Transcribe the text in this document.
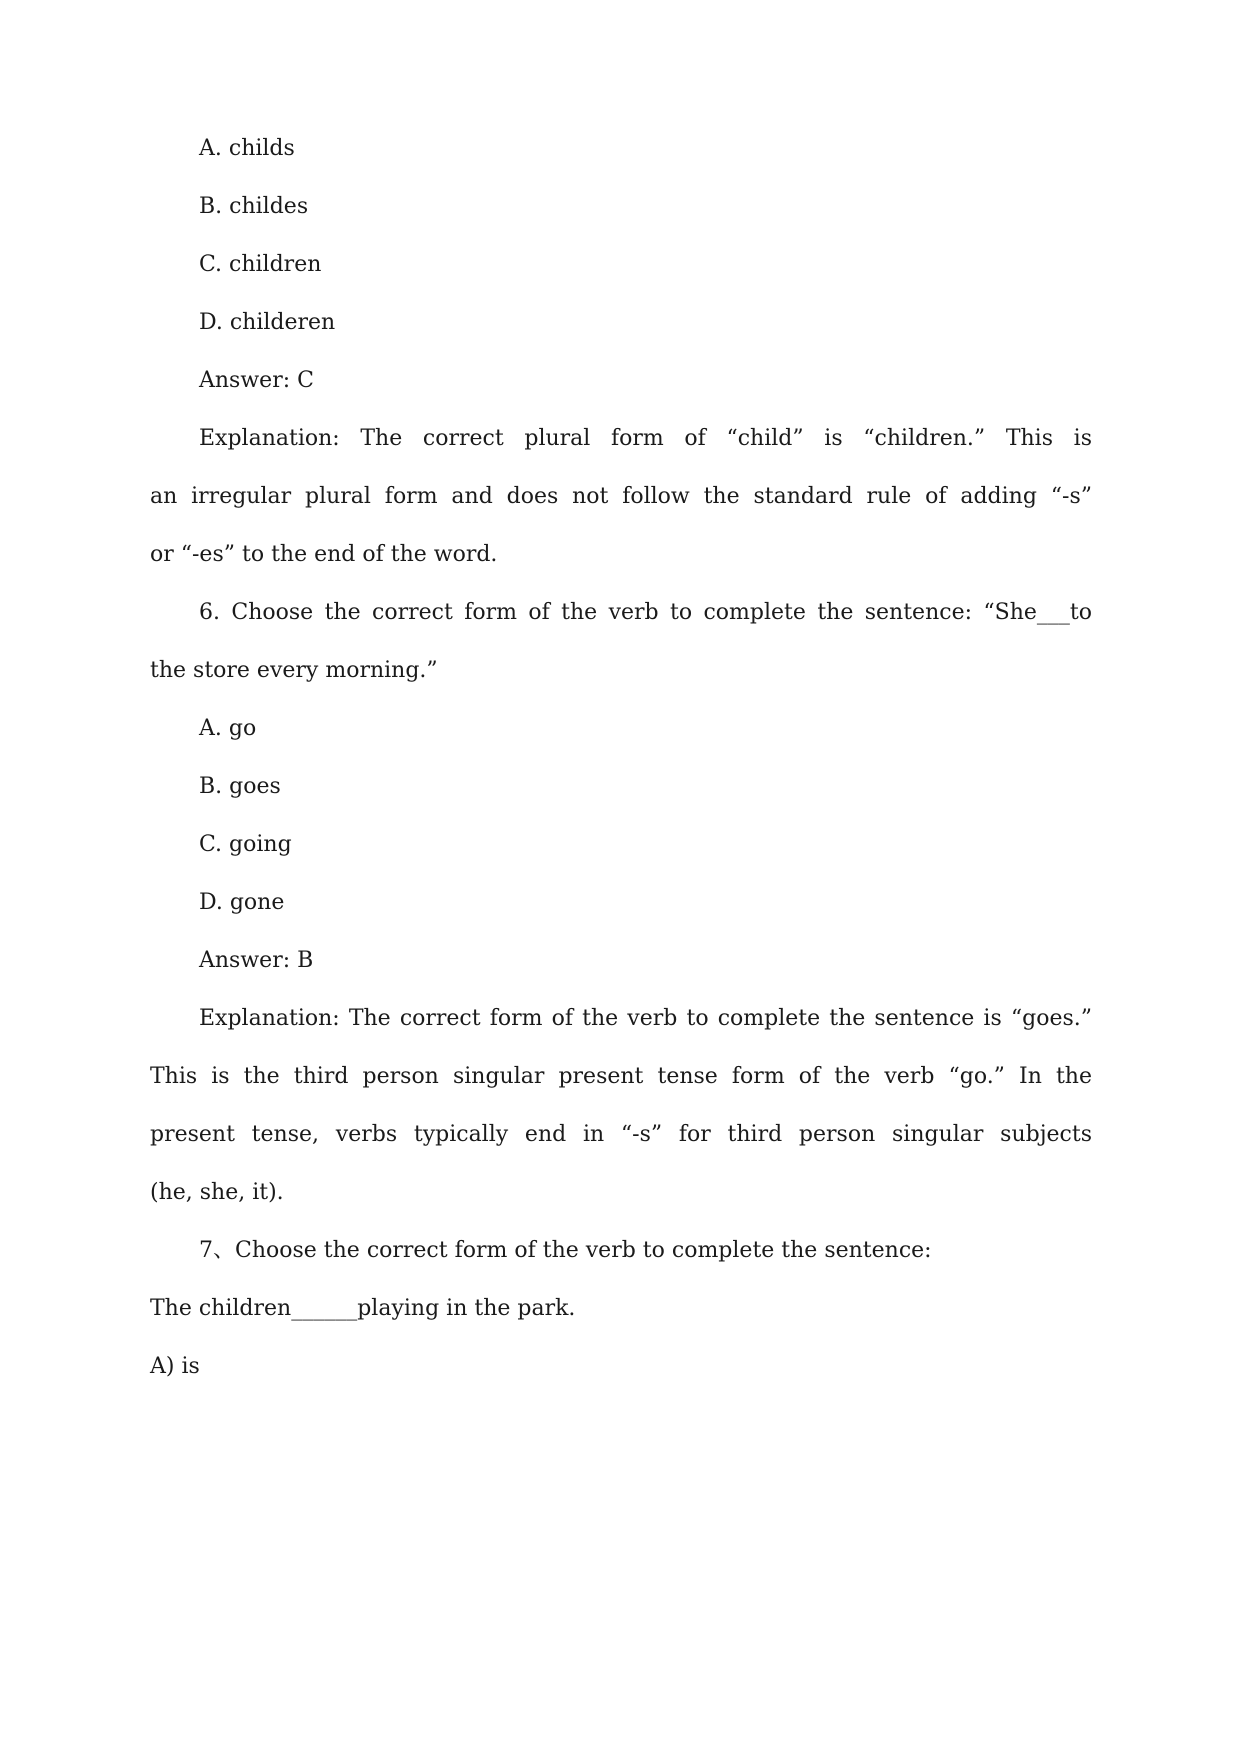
A. childs
B. childes
C. children
D. childeren
Answer: C
Explanation: The correct plural form of “child” is “children.” This is
an irregular plural form and does not follow the standard rule of adding “-s”
or “-es” to the end of the word.
6. Choose the correct form of the verb to complete the sentence: “She___to
the store every morning.”
A. go
B. goes
C. going
D. gone
Answer: B
Explanation: The correct form of the verb to complete the sentence is “goes.”
This is the third person singular present tense form of the verb “go.” In the
present tense, verbs typically end in “-s” for third person singular subjects
(he, she, it).
7、Choose the correct form of the verb to complete the sentence:
The children______playing in the park.
A) is
